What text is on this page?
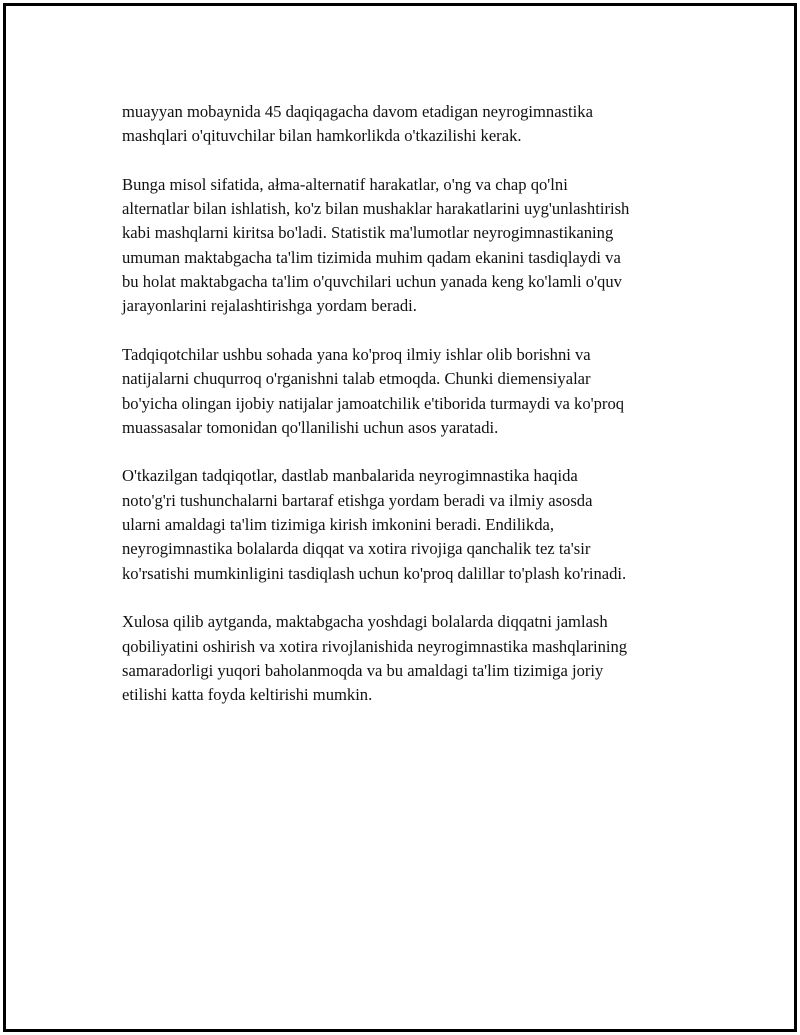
muayyan mobaynida 45 daqiqagacha davom etadigan neyrogimnastika
mashqlari o'qituvchilar bilan hamkorlikda o'tkazilishi kerak.

Bunga misol sifatida, ałma-alternatif harakatlar, o'ng va chap qo'lni
alternatlar bilan ishlatish, ko'z bilan mushaklar harakatlarini uyg'unlashtirish
kabi mashqlarni kiritsa bo'ladi. Statistik ma'lumotlar neyrogimnastikaning
umuman maktabgacha ta'lim tizimida muhim qadam ekanini tasdiqlaydi va
bu holat maktabgacha ta'lim o'quvchilari uchun yanada keng ko'lamli o'quv
jarayonlarini rejalashtirishga yordam beradi.

Tadqiqotchilar ushbu sohada yana ko'proq ilmiy ishlar olib borishni va
natijalarni chuqurroq o'rganishni talab etmoqda. Chunki diemensiyalar
bo'yicha olingan ijobiy natijalar jamoatchilik e'tiborida turmaydi va ko'proq
muassasalar tomonidan qo'llanilishi uchun asos yaratadi.

O'tkazilgan tadqiqotlar, dastlab manbalarida neyrogimnastika haqida
noto'g'ri tushunchalarni bartaraf etishga yordam beradi va ilmiy asosda
ularni amaldagi ta'lim tizimiga kirish imkonini beradi. Endilikda,
neyrogimnastika bolalarda diqqat va xotira rivojiga qanchalik tez ta'sir
ko'rsatishi mumkinligini tasdiqlash uchun ko'proq dalillar to'plash ko'rinadi.

Xulosa qilib aytganda, maktabgacha yoshdagi bolalarda diqqatni jamlash
qobiliyatini oshirish va xotira rivojlanishida neyrogimnastika mashqlarining
samaradorligi yuqori baholanmoqda va bu amaldagi ta'lim tizimiga joriy
etilishi katta foyda keltirishi mumkin.
